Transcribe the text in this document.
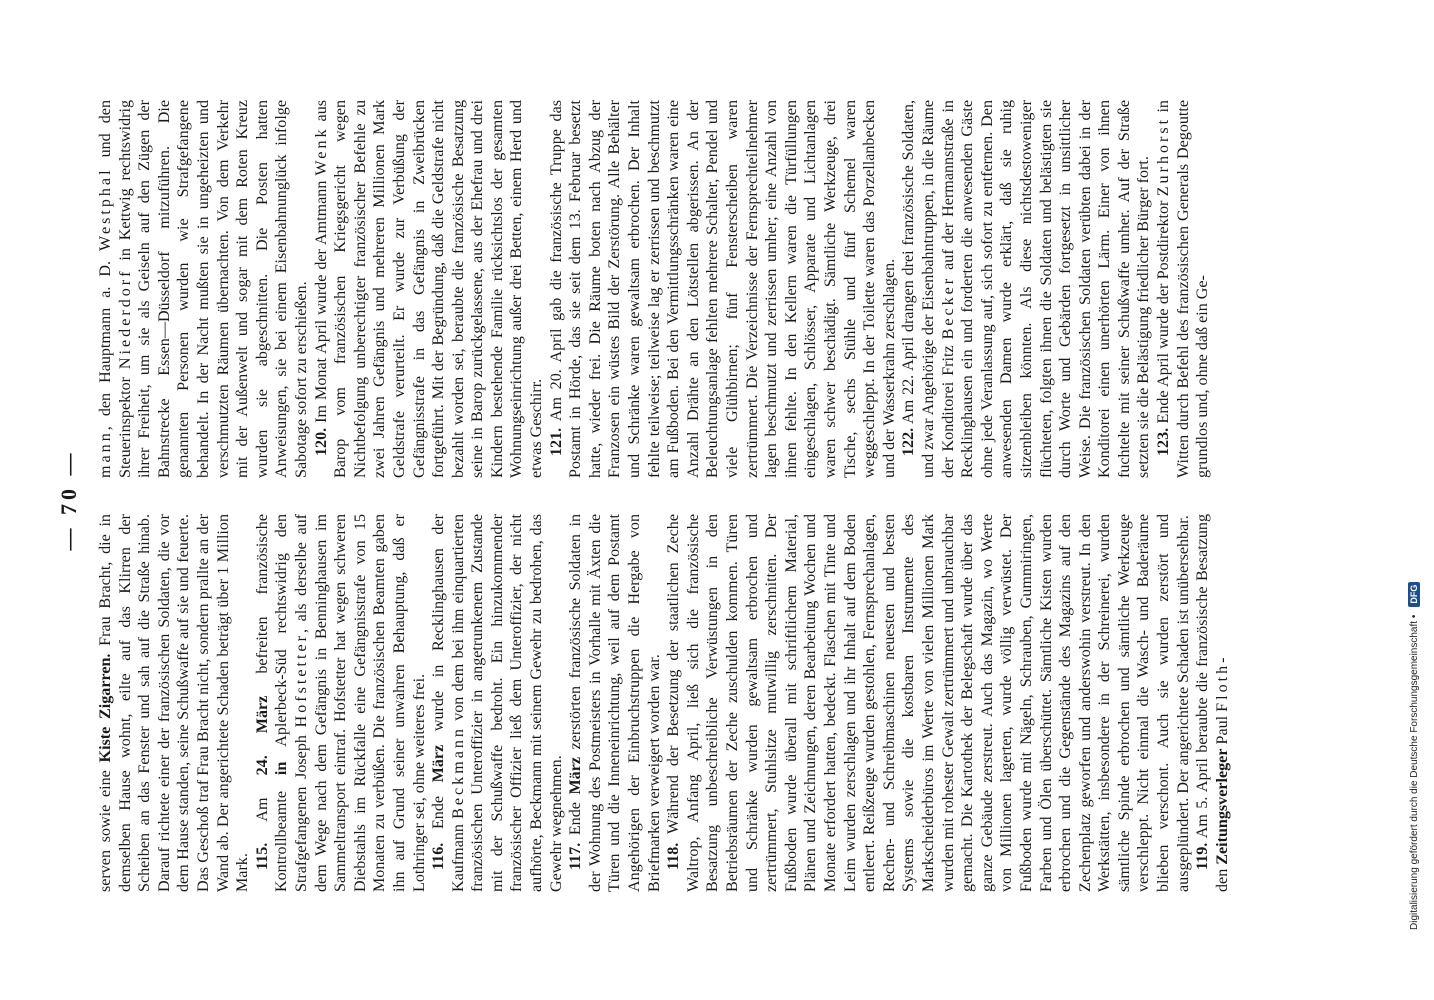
— 70 —

serven sowie eine Kiste Zigarren. Frau Bracht, die in demselben Hause wohnt, eilte auf das Klirren der Scheiben an das Fenster und sah auf die Straße hinab. Darauf richtete einer der französischen Soldaten, die vor dem Hause standen, seine Schußwaffe auf sie und feuerte. Das Geschoß traf Frau Bracht nicht, sondern prallte an der Wand ab. Der angerichtete Schaden beträgt über 1 Million Mark. 115. Am 24. März befreiten französische Kontrollbeamte in Aplerbeck-Süd rechtswidrig den Strafgefangenen Joseph Hofstetter, als derselbe auf dem Wege nach dem Gefängnis in Benninghausen im Sammeltransport eintraf. Hofstetter hat wegen schweren Diebstahls im Rückfalle eine Gefängnisstrafe von 15 Monaten zu verbüßen. Die französischen Beamten gaben ihn auf Grund seiner unwahren Behauptung, daß er Lothringer sei, ohne weiteres frei. 116. Ende März wurde in Recklinghausen der Kaufmann Beckmann von dem bei ihm einquartierten französischen Unteroffizier in angetrunkenem Zustande mit der Schußwaffe bedroht. Ein hinzukommender französischer Offizier ließ dem Unteroffizier, der nicht aufhörte, Beckmann mit seinem Gewehr zu bedrohen, das Gewehr wegnehmen. 117. Ende März zerstörten französische Soldaten in der Wohnung des Postmeisters in Vorhalle mit Äxten die Türen und die Inneneinrichtung, weil auf dem Postamt Angehörigen der Einbruchstruppen die Hergabe von Briefmarken verweigert worden war. 118. Während der Besetzung der staatlichen Zeche Waltrop, Anfang April, ließ sich die französische Besatzung unbeschreibliche Verwüstungen in den Betriebsräumen der Zeche zuschulden kommen. Türen und Schränke wurden gewaltsam erbrochen und zertrümmert, Stuhlsitze mutwillig zerschnitten. Der Fußboden wurde überall mit schriftlichem Material, Plänen und Zeichnungen, deren Bearbeitung Wochen und Monate erfordert hatten, bedeckt. Flaschen mit Tinte und Leim wurden zerschlagen und ihr Inhalt auf dem Boden entleert. Reißzeuge wurden gestohlen, Fernsprechanlagen, Rechen- und Schreibmaschinen neuesten und besten Systems sowie die kostbaren Instrumente des Markscheiderbüros im Werte von vielen Millionen Mark wurden mit rohester Gewalt zertrümmert und unbrauchbar gemacht. Die Kartothek der Belegschaft wurde über das ganze Gebäude zerstreut. Auch das Magazin, wo Werte von Millionen lagerten, wurde völlig verwüstet. Der Fußboden wurde mit Nägeln, Schrauben, Gummiringen, Farben und Ölen überschüttet. Sämtliche Kisten wurden erbrochen und die Gegenstände des Magazins auf den Zechenplatz geworfen und anderswohin verstreut. In den Werkstätten, insbesondere in der Schreinerei, wurden sämtliche Spinde erbrochen und sämtliche Werkzeuge verschleppt. Nicht einmal die Wasch- und Baderäume blieben verschont. Auch sie wurden zerstört und ausgeplündert. Der angerichtete Schaden ist unübersehbar. 119. Am 5. April beraubte die französische Besatzung den Zeitungsverleger Paul Floth-

mann, den Hauptmann a. D. Westphal und den Steuerinspektor Niederdorf in Kettwig rechtswidrig ihrer Freiheit, um sie als Geiseln auf den Zügen der Bahnstrecke Essen—Düsseldorf mitzuführen. Die genannten Personen wurden wie Strafgefangene behandelt. In der Nacht mußten sie in ungeheizten und verschmutzten Räumen übernachten. Von dem Verkehr mit der Außenwelt und sogar mit dem Roten Kreuz wurden sie abgeschnitten. Die Posten hatten Anweisungen, sie bei einem Eisenbahnunglück infolge Sabotage sofort zu erschießen. 120. Im Monat April wurde der Amtmann Wenk aus Barop vom französischen Kriegsgericht wegen Nichtbefolgung unberechtigter französischer Befehle zu zwei Jahren Gefängnis und mehreren Millionen Mark Geldstrafe verurteilt. Er wurde zur Verbüßung der Gefängnisstrafe in das Gefängnis in Zweibrücken fortgeführt. Mit der Begründung, daß die Geldstrafe nicht bezahlt worden sei, beraubte die französische Besatzung seine in Barop zurückgelassene, aus der Ehefrau und drei Kindern bestehende Familie rücksichtslos der gesamten Wohnungseinrichtung außer drei Betten, einem Herd und etwas Geschirr. 121. Am 20. April gab die französische Truppe das Postamt in Hörde, das sie seit dem 13. Februar besetzt hatte, wieder frei. Die Räume boten nach Abzug der Franzosen ein wüstes Bild der Zerstörung. Alle Behälter und Schränke waren gewaltsam erbrochen. Der Inhalt fehlte teilweise; teilweise lag er zerrissen und beschmutzt am Fußboden. Bei den Vermittlungsschränken waren eine Anzahl Drähte an den Lötstellen abgerissen. An der Beleuchtungsanlage fehlten mehrere Schalter, Pendel und viele Glühbirnen; fünf Fensterscheiben waren zertrümmert. Die Verzeichnisse der Fernsprechteilnehmer lagen beschmutzt und zerrissen umher; eine Anzahl von ihnen fehlte. In den Kellern waren die Türfüllungen eingeschlagen, Schlösser, Apparate und Lichtanlagen waren schwer beschädigt. Sämtliche Werkzeuge, drei Tische, sechs Stühle und fünf Schemel waren weggeschleppt. In der Toilette waren das Porzellanbecken und der Wasserkrahn zerschlagen. 122. Am 22. April drangen drei französische Soldaten, und zwar Angehörige der Eisenbahntruppen, in die Räume der Konditorei Fritz Becker auf der Hermannstraße in Recklinghausen ein und forderten die anwesenden Gäste ohne jede Veranlassung auf, sich sofort zu entfernen. Den anwesenden Damen wurde erklärt, daß sie ruhig sitzenbleiben könnten. Als diese nichtsdestoweniger flüchteten, folgten ihnen die Soldaten und belästigten sie durch Worte und Gebärden fortgesetzt in unsittlicher Weise. Die französischen Soldaten verübten dabei in der Konditorei einen unerhörten Lärm. Einer von ihnen fuchtelte mit seiner Schußwaffe umher. Auf der Straße setzten sie die Belästigung friedlicher Bürger fort. 123. Ende April wurde der Postdirektor Zurhorst in Witten durch Befehl des französischen Generals Degoutte grundlos und, ohne daß ein Ge-

Digitalisierung gefördert durch die Deutsche Forschungsgemeinschaft •
DFG
